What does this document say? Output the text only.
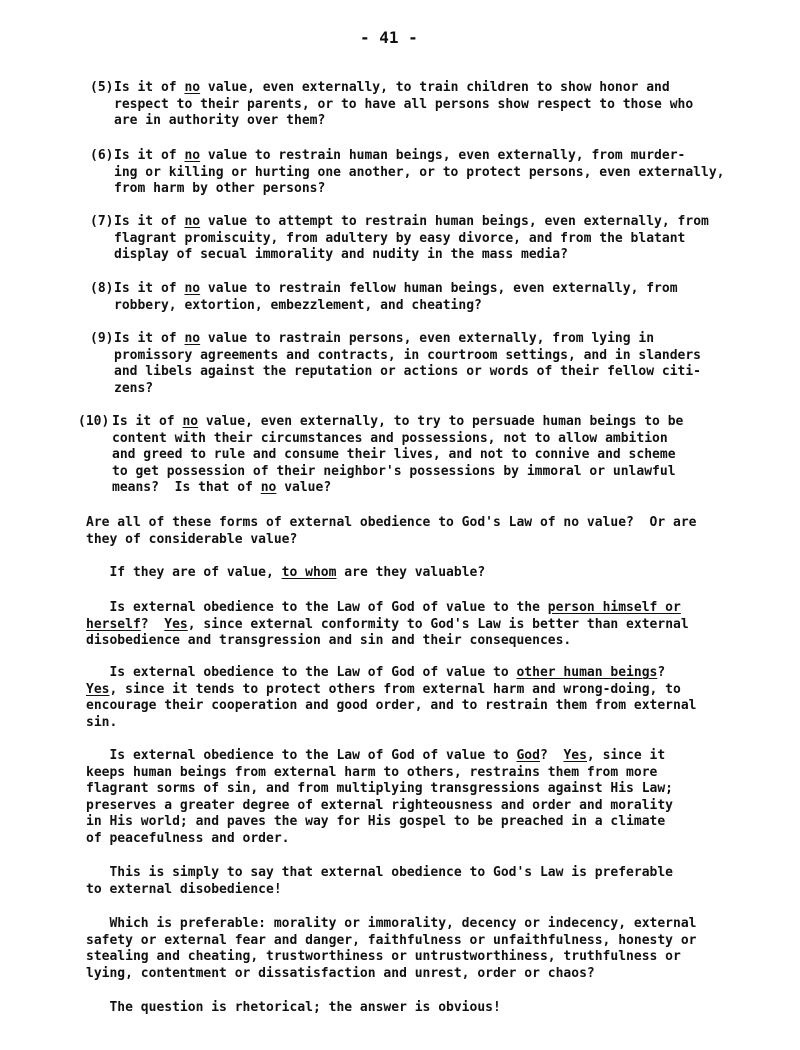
- 41 -
(5) Is it of no value, even externally, to train children to show honor and
respect to their parents, or to have all persons show respect to those who
are in authority over them?
(6) Is it of no value to restrain human beings, even externally, from murder-
ing or killing or hurting one another, or to protect persons, even externally,
from harm by other persons?
(7) Is it of no value to attempt to restrain human beings, even externally, from
flagrant promiscuity, from adultery by easy divorce, and from the blatant
display of secual immorality and nudity in the mass media?
(8) Is it of no value to restrain fellow human beings, even externally, from
robbery, extortion, embezzlement, and cheating?
(9) Is it of no value to rastrain persons, even externally, from lying in
promissory agreements and contracts, in courtroom settings, and in slanders
and libels against the reputation or actions or words of their fellow citi-
zens?
(10) Is it of no value, even externally, to try to persuade human beings to be
content with their circumstances and possessions, not to allow ambition
and greed to rule and consume their lives, and not to connive and scheme
to get possession of their neighbor's possessions by immoral or unlawful
means?  Is that of no value?
Are all of these forms of external obedience to God's Law of no value?  Or are
they of considerable value?
If they are of value, to whom are they valuable?
Is external obedience to the Law of God of value to the person himself or
herself?  Yes, since external conformity to God's Law is better than external
disobedience and transgression and sin and their consequences.
Is external obedience to the Law of God of value to other human beings?
Yes, since it tends to protect others from external harm and wrong-doing, to
encourage their cooperation and good order, and to restrain them from external
sin.
Is external obedience to the Law of God of value to God?  Yes, since it
keeps human beings from external harm to others, restrains them from more
flagrant sorms of sin, and from multiplying transgressions against His Law;
preserves a greater degree of external righteousness and order and morality
in His world; and paves the way for His gospel to be preached in a climate
of peacefulness and order.
This is simply to say that external obedience to God's Law is preferable
to external disobedience!
Which is preferable: morality or immorality, decency or indecency, external
safety or external fear and danger, faithfulness or unfaithfulness, honesty or
stealing and cheating, trustworthiness or untrustworthiness, truthfulness or
lying, contentment or dissatisfaction and unrest, order or chaos?
The question is rhetorical; the answer is obvious!
